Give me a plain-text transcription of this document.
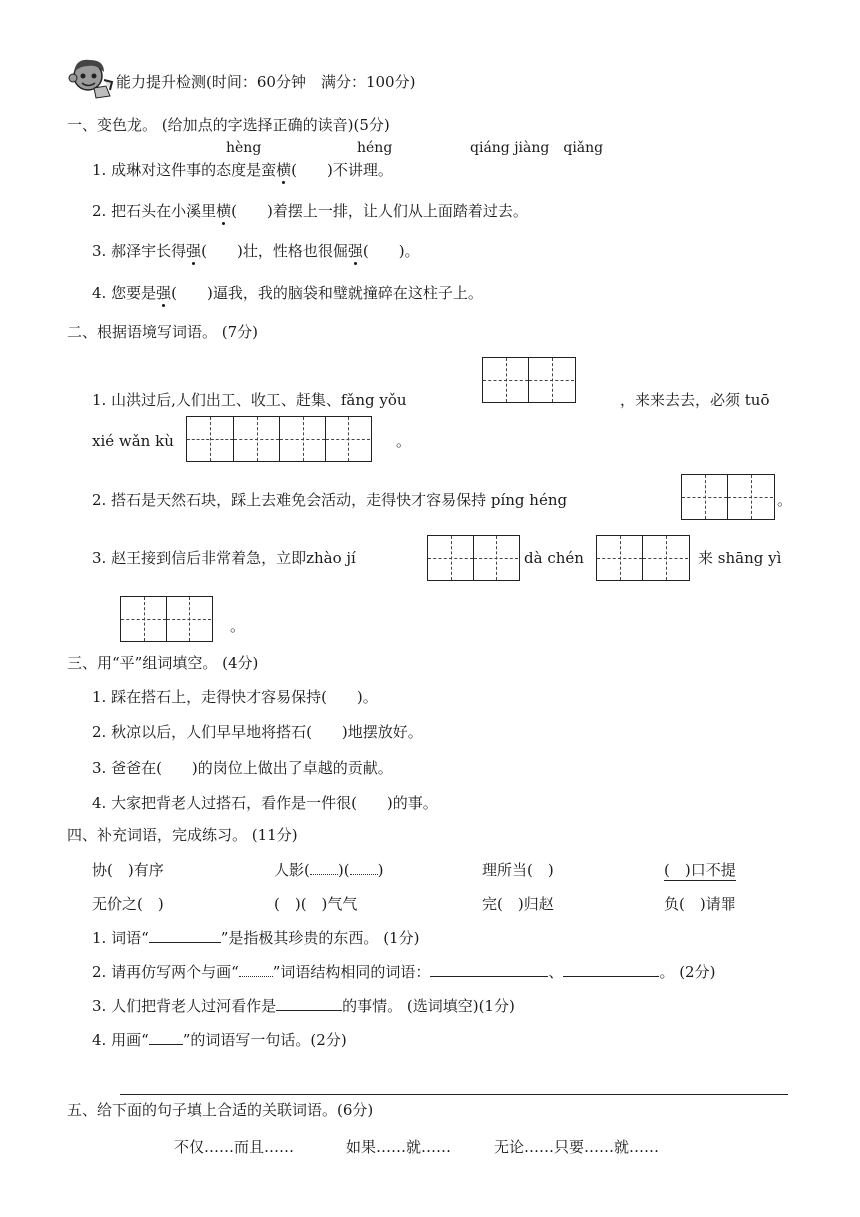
能力提升检测(时间：60分钟　满分：100分)
一、变色龙。 (给加点的字选择正确的读音)(5分)
hèng	héng	qiáng jiàng　qiǎng
1. 成琳对这件事的态度是蛮横(　　)不讲理。
2. 把石头在小溪里横(　　)着摆上一排，让人们从上面踏着过去。
3. 郝泽宇长得强(　　)壮，性格也很倔强(　　)。
4. 您要是强(　　)逼我，我的脑袋和璧就撞碎在这柱子上。
二、根据语境写词语。 (7分)
1. 山洪过后,人们出工、收工、赶集、fǎng yǒu	，来来去去，必须 tuō
xié wǎn kù	。
2. 搭石是天然石块，踩上去难免会活动，走得快才容易保持 píng héng	。
3. 赵王接到信后非常着急，立即zhào jí	dà chén	来 shāng yì
。
三、用“平”组词填空。 (4分)
1. 踩在搭石上，走得快才容易保持(　　)。
2. 秋凉以后，人们早早地将搭石(　　)地摆放好。
3. 爸爸在(　　)的岗位上做出了卓越的贡献。
4. 大家把背老人过搭石，看作是一件很(　　)的事。
四、补充词语，完成练习。 (11分)
协(　)有序	人影( )( )	理所当(　)	(　)口不提
无价之(　)	(　)(　)气气	完(　)归赵	负(　)请罪
1. 词语“	”是指极其珍贵的东西。 (1分)
2. 请再仿写两个与画“ ”词语结构相同的词语：	、	。 (2分)
3. 人们把背老人过河看作是	的事情。 (选词填空)(1分)
4. 用画“ ”的词语写一句话。(2分)
五、给下面的句子填上合适的关联词语。(6分)
不仅……而且……	如果……就……	无论……只要……就……
